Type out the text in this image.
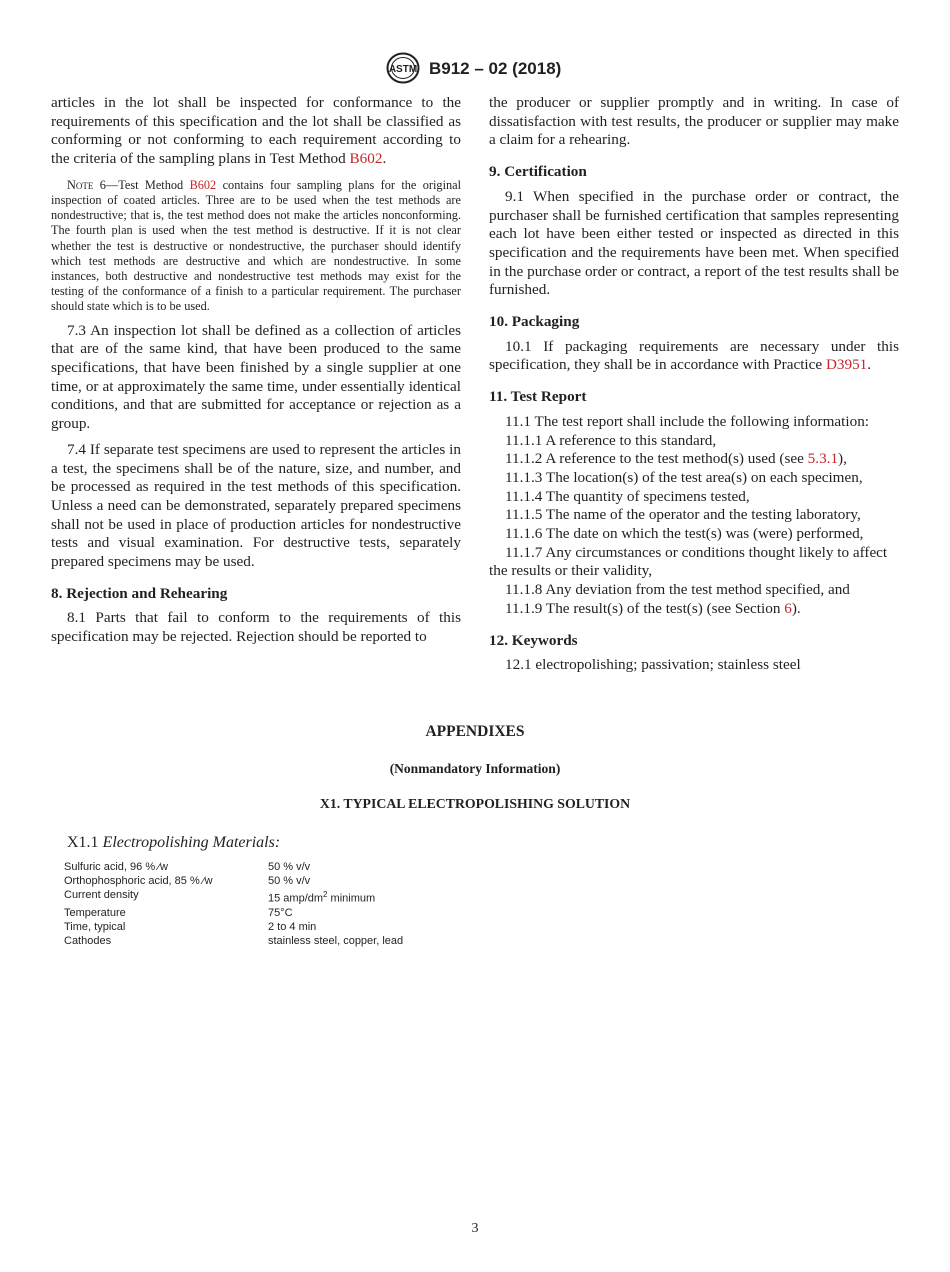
ASTM B912 – 02 (2018)

articles in the lot shall be inspected for conformance to the requirements of this specification and the lot shall be classified as conforming or not conforming to each requirement according to the criteria of the sampling plans in Test Method B602.

Note 6—Test Method B602 contains four sampling plans for the original inspection of coated articles. Three are to be used when the test methods are nondestructive; that is, the test method does not make the articles nonconforming. The fourth plan is used when the test method is destructive. If it is not clear whether the test is destructive or nondestructive, the purchaser should identify which test methods are destructive and which are nondestructive. In some instances, both destructive and nondestructive test methods may exist for the testing of the conformance of a finish to a particular requirement. The purchaser should state which is to be used.

7.3 An inspection lot shall be defined as a collection of articles that are of the same kind, that have been produced to the same specifications, that have been finished by a single supplier at one time, or at approximately the same time, under essentially identical conditions, and that are submitted for acceptance or rejection as a group.

7.4 If separate test specimens are used to represent the articles in a test, the specimens shall be of the nature, size, and number, and be processed as required in the test methods of this specification. Unless a need can be demonstrated, separately prepared specimens shall not be used in place of production articles for nondestructive tests and visual examination. For destructive tests, separately prepared specimens may be used.

8. Rejection and Rehearing

8.1 Parts that fail to conform to the requirements of this specification may be rejected. Rejection should be reported to

the producer or supplier promptly and in writing. In case of dissatisfaction with test results, the producer or supplier may make a claim for a rehearing.

9. Certification

9.1 When specified in the purchase order or contract, the purchaser shall be furnished certification that samples representing each lot have been either tested or inspected as directed in this specification and the requirements have been met. When specified in the purchase order or contract, a report of the test results shall be furnished.

10. Packaging

10.1 If packaging requirements are necessary under this specification, they shall be in accordance with Practice D3951.

11. Test Report
11.1 The test report shall include the following information:
11.1.1 A reference to this standard,
11.1.2 A reference to the test method(s) used (see 5.3.1),
11.1.3 The location(s) of the test area(s) on each specimen,
11.1.4 The quantity of specimens tested,
11.1.5 The name of the operator and the testing laboratory,
11.1.6 The date on which the test(s) was (were) performed,
11.1.7 Any circumstances or conditions thought likely to affect the results or their validity,
11.1.8 Any deviation from the test method specified, and
11.1.9 The result(s) of the test(s) (see Section 6).
12. Keywords
12.1 electropolishing; passivation; stainless steel
APPENDIXES
(Nonmandatory Information)
X1. TYPICAL ELECTROPOLISHING SOLUTION
X1.1 Electropolishing Materials:
Sulfuric acid, 96 % ⁄w	50 % v/v
Orthophosphoric acid, 85 % ⁄w	50 % v/v
Current density	15 amp/$dm^2$ minimum
Temperature	75°C
Time, typical	2 to 4 min
Cathodes	stainless steel, copper, lead
3
